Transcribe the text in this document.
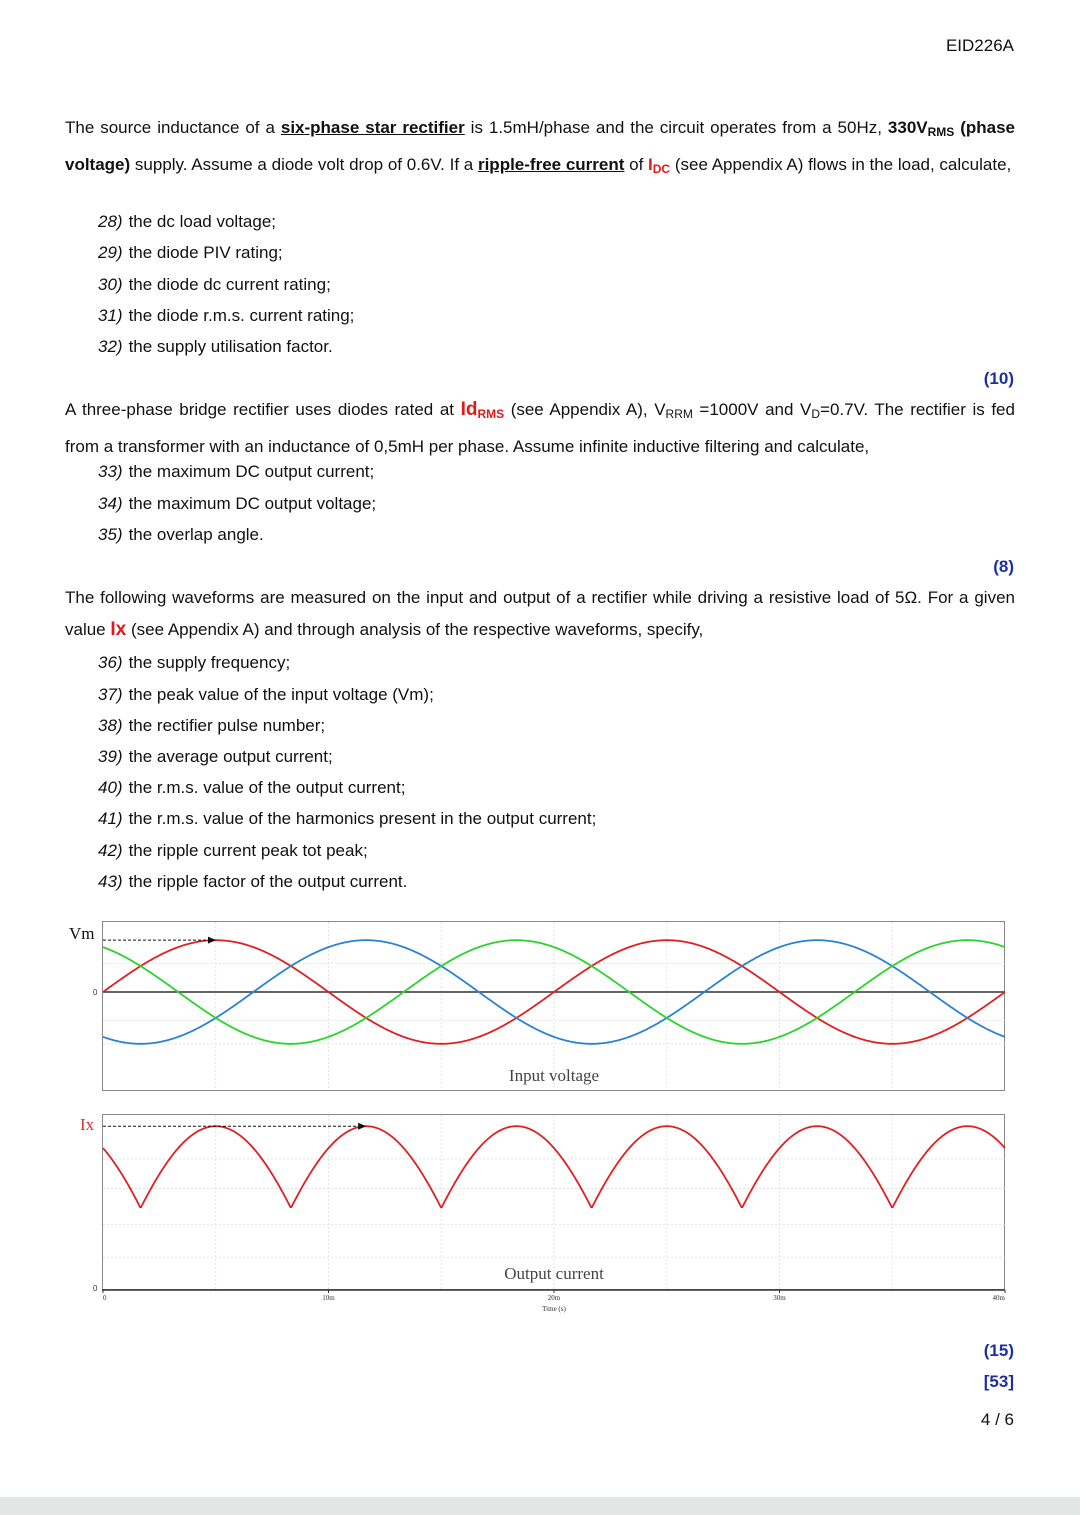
EID226A
The source inductance of a six-phase star rectifier is 1.5mH/phase and the circuit operates from a 50Hz, $330V_{RMS}$ (phase voltage) supply. Assume a diode volt drop of 0.6V. If a ripple-free current of $I_{DC}$ (see Appendix A) flows in the load, calculate,
28) the dc load voltage;
29) the diode PIV rating;
30) the diode dc current rating;
31) the diode r.m.s. current rating;
32) the supply utilisation factor.
(10)
A three-phase bridge rectifier uses diodes rated at $Id_{RMS}$ (see Appendix A), $V_{RRM} =1000V$ and $V_D=0.7V$. The rectifier is fed from a transformer with an inductance of 0,5mH per phase. Assume infinite inductive filtering and calculate,
33) the maximum DC output current;
34) the maximum DC output voltage;
35) the overlap angle.
(8)
The following waveforms are measured on the input and output of a rectifier while driving a resistive load of 5Ω. For a given value Ix (see Appendix A) and through analysis of the respective waveforms, specify,
36) the supply frequency;
37) the peak value of the input voltage (Vm);
38) the rectifier pulse number;
39) the average output current;
40) the r.m.s. value of the output current;
41) the r.m.s. value of the harmonics present in the output current;
42) the ripple current peak tot peak;
43) the ripple factor of the output current.
Vm
0
Input voltage
Ix
0
Output current
0	10m	20m	30m	40m
Time (s)
(15)
[53]
4 / 6
